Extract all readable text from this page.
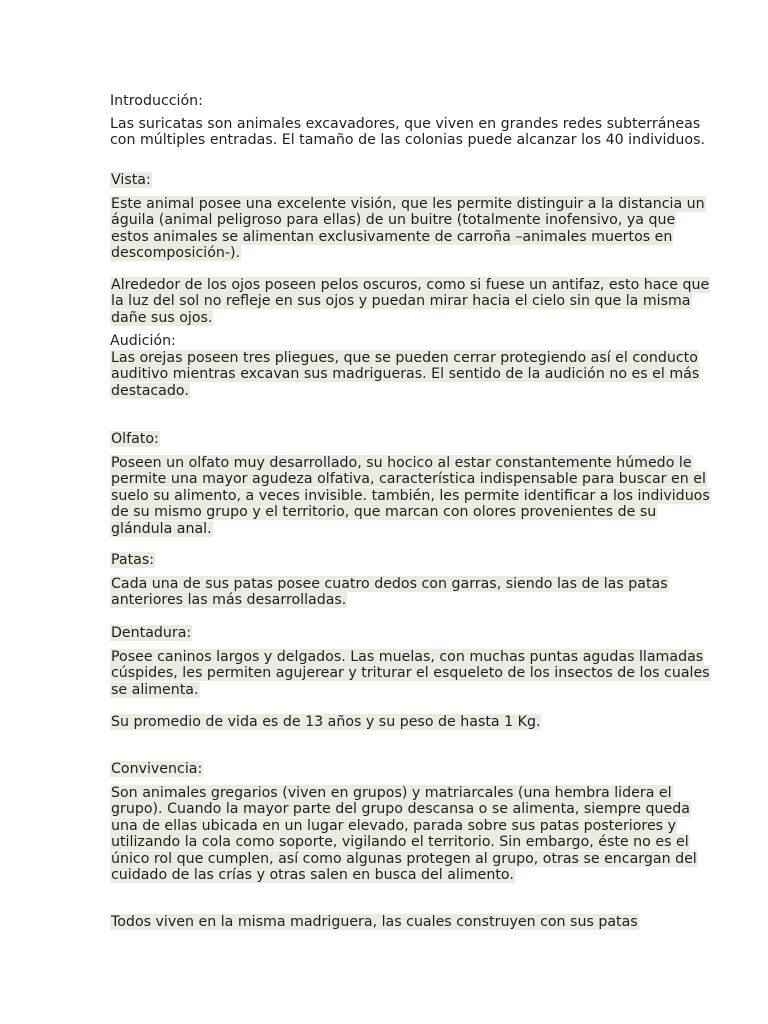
Introducción:

Las suricatas son animales excavadores, que viven en grandes redes subterráneas con múltiples entradas. El tamaño de las colonias puede alcanzar los 40 individuos.

Vista:

Este animal posee una excelente visión, que les permite distinguir a la distancia un águila (animal peligroso para ellas) de un buitre (totalmente inofensivo, ya que estos animales se alimentan exclusivamente de carroña –animales muertos en descomposición-).

Alrededor de los ojos poseen pelos oscuros, como si fuese un antifaz, esto hace que la luz del sol no refleje en sus ojos y puedan mirar hacia el cielo sin que la misma dañe sus ojos.

Audición:

Las orejas poseen tres pliegues, que se pueden cerrar protegiendo así el conducto auditivo mientras excavan sus madrigueras. El sentido de la audición no es el más destacado.

Olfato:

Poseen un olfato muy desarrollado, su hocico al estar constantemente húmedo le permite una mayor agudeza olfativa, característica indispensable para buscar en el suelo su alimento, a veces invisible. también, les permite identificar a los individuos de su mismo grupo y el territorio, que marcan con olores provenientes de su glándula anal.

Patas:

Cada una de sus patas posee cuatro dedos con garras, siendo las de las patas anteriores las más desarrolladas.

Dentadura:

Posee caninos largos y delgados. Las muelas, con muchas puntas agudas llamadas cúspides, les permiten agujerear y triturar el esqueleto de los insectos de los cuales se alimenta.

Su promedio de vida es de 13 años y su peso de hasta 1 Kg.

Convivencia:

Son animales gregarios (viven en grupos) y matriarcales (una hembra lidera el grupo). Cuando la mayor parte del grupo descansa o se alimenta, siempre queda una de ellas ubicada en un lugar elevado, parada sobre sus patas posteriores y utilizando la cola como soporte, vigilando el territorio. Sin embargo, éste no es el único rol que cumplen, así como algunas protegen al grupo, otras se encargan del cuidado de las crías y otras salen en busca del alimento.

Todos viven en la misma madriguera, las cuales construyen con sus patas
